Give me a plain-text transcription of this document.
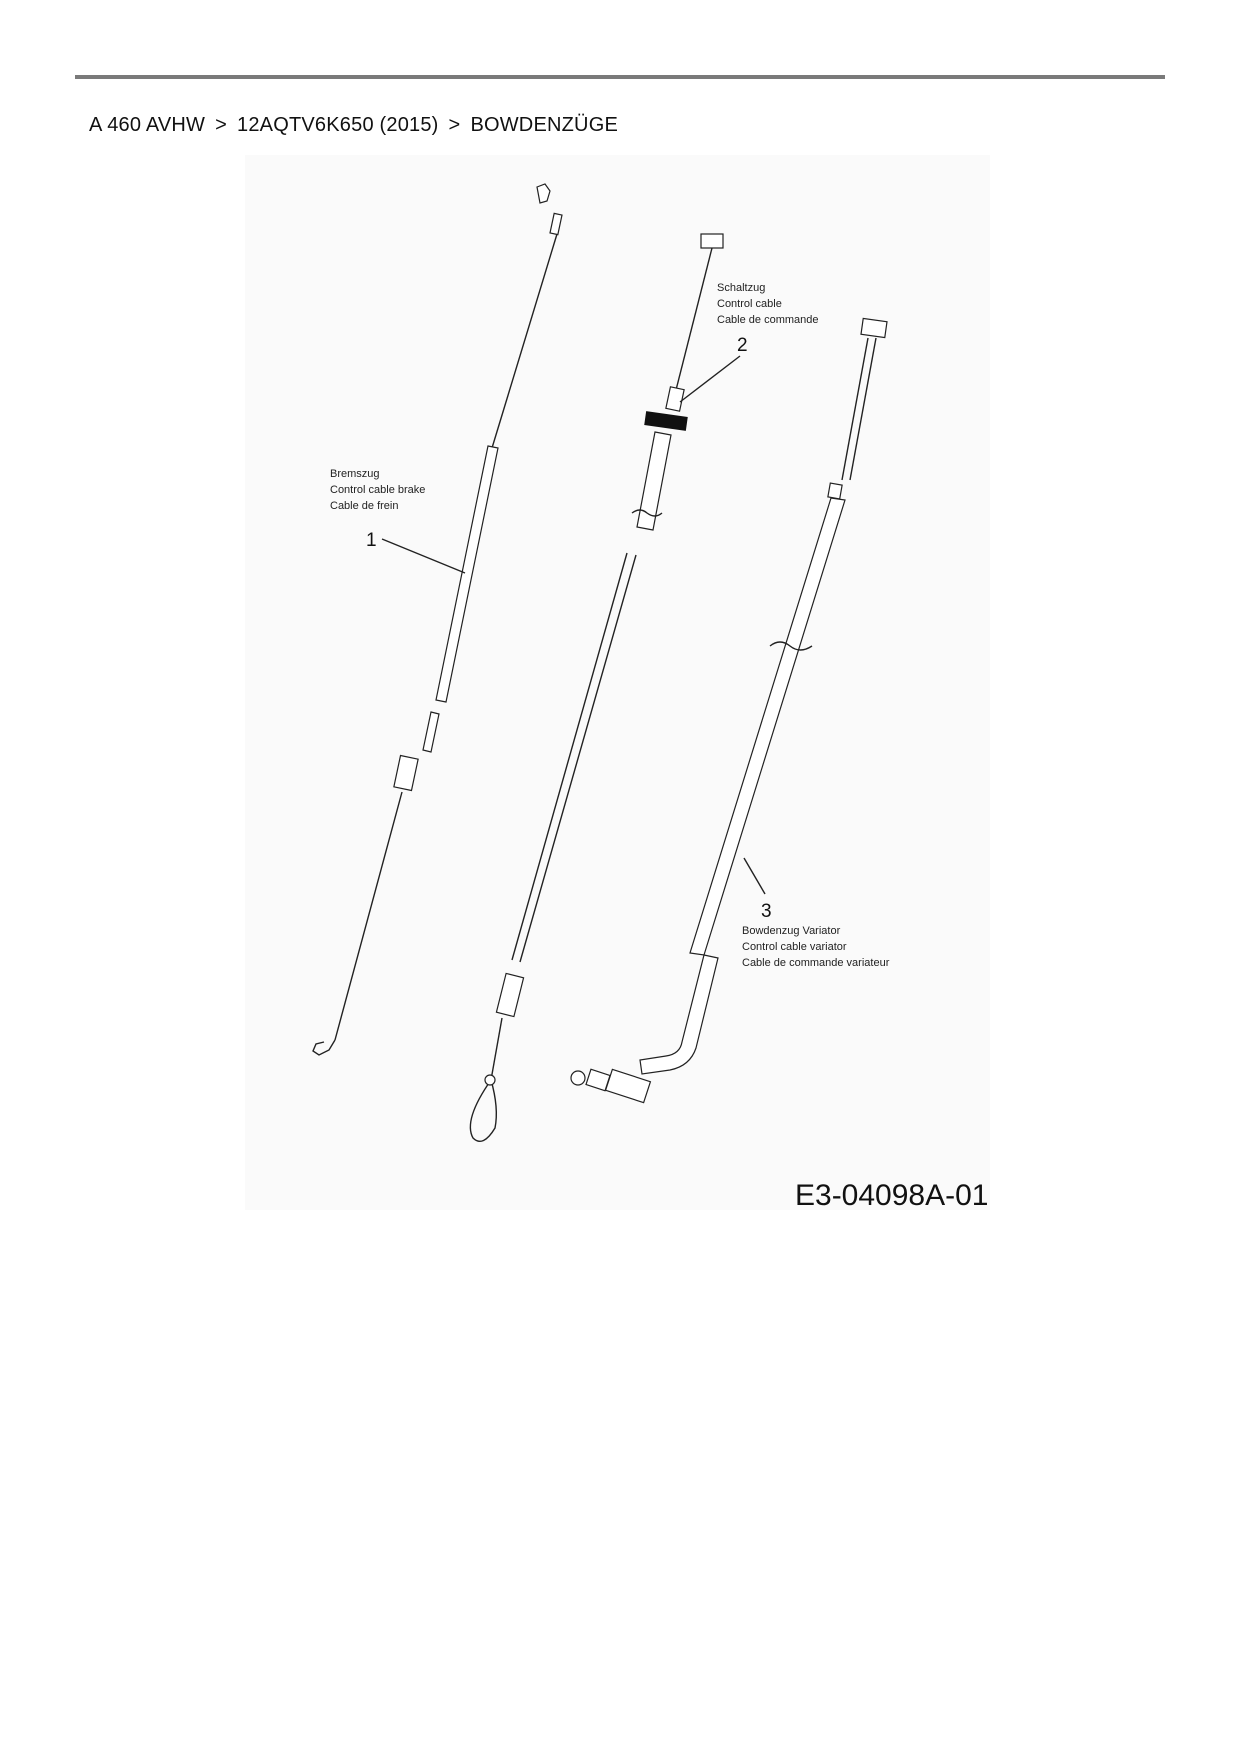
A 460 AVHW > 12AQTV6K650 (2015) > BOWDENZÜGE
Bremszug
Control cable brake
Cable de frein
1
Schaltzug
Control cable
Cable de commande
2
3
Bowdenzug Variator
Control cable variator
Cable de commande variateur
E3-04098A-01
